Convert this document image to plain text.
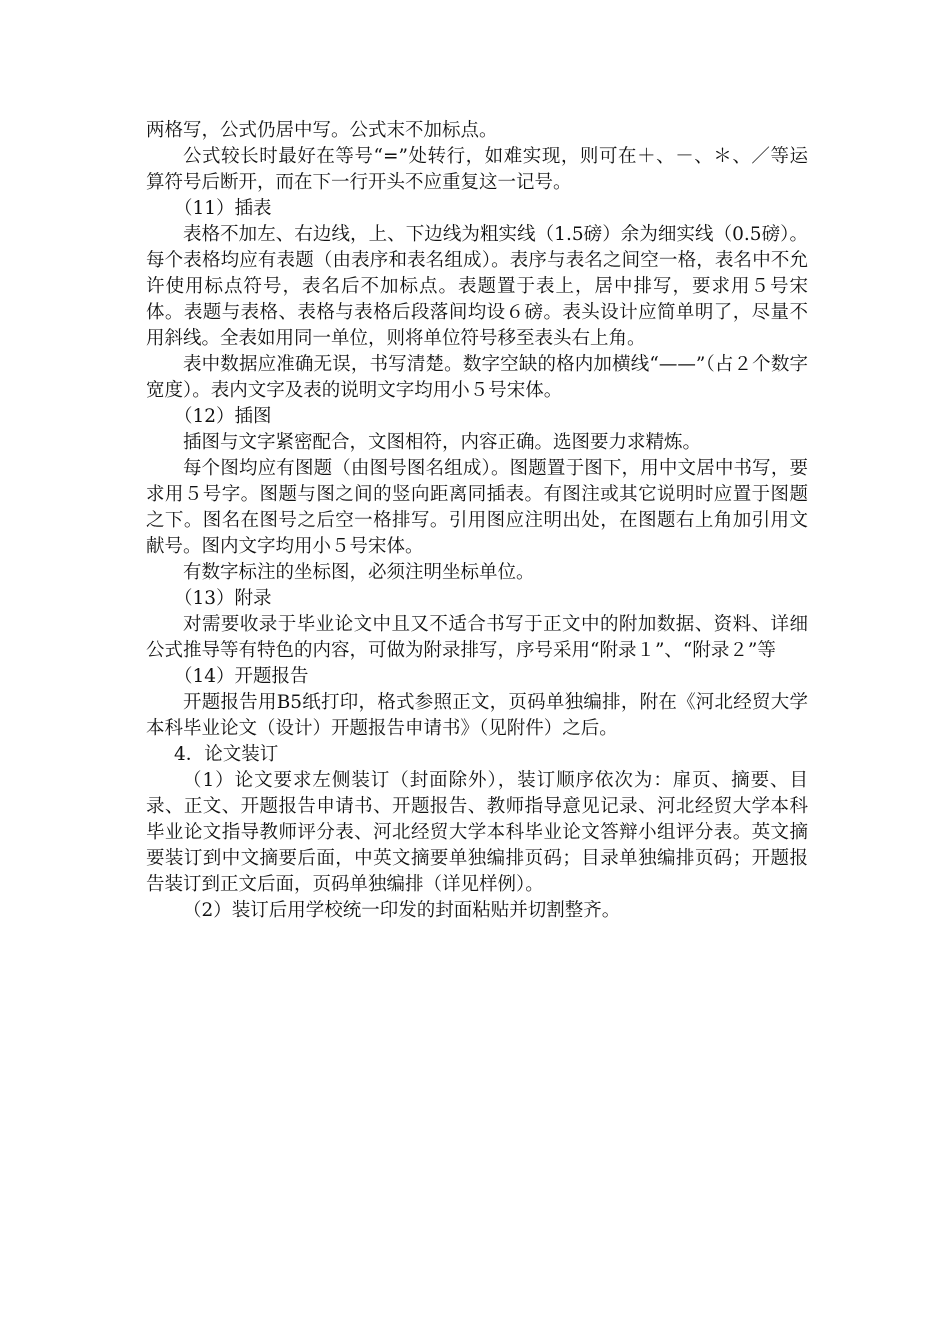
两格写，公式仍居中写。公式末不加标点。

公式较长时最好在等号“=”处转行，如难实现，则可在＋、－、＊、／等运算符号后断开，而在下一行开头不应重复这一记号。

（11）插表

表格不加左、右边线，上、下边线为粗实线（1.5磅）余为细实线（0.5磅）。每个表格均应有表题（由表序和表名组成）。表序与表名之间空一格，表名中不允许使用标点符号，表名后不加标点。表题置于表上，居中排写，要求用５号宋体。表题与表格、表格与表格后段落间均设６磅。表头设计应简单明了，尽量不用斜线。全表如用同一单位，则将单位符号移至表头右上角。

表中数据应准确无误，书写清楚。数字空缺的格内加横线“——”（占２个数字宽度）。表内文字及表的说明文字均用小５号宋体。

（12）插图

插图与文字紧密配合，文图相符，内容正确。选图要力求精炼。

每个图均应有图题（由图号图名组成）。图题置于图下，用中文居中书写，要求用５号字。图题与图之间的竖向距离同插表。有图注或其它说明时应置于图题之下。图名在图号之后空一格排写。引用图应注明出处，在图题右上角加引用文献号。图内文字均用小５号宋体。

有数字标注的坐标图，必须注明坐标单位。

（13）附录

对需要收录于毕业论文中且又不适合书写于正文中的附加数据、资料、详细公式推导等有特色的内容，可做为附录排写，序号采用“附录１”、“附录２”等

（14）开题报告

开题报告用B5纸打印，格式参照正文，页码单独编排，附在《河北经贸大学本科毕业论文（设计）开题报告申请书》（见附件）之后。

4．论文装订

（1）论文要求左侧装订（封面除外），装订顺序依次为：扉页、摘要、目录、正文、开题报告申请书、开题报告、教师指导意见记录、河北经贸大学本科毕业论文指导教师评分表、河北经贸大学本科毕业论文答辩小组评分表。英文摘要装订到中文摘要后面，中英文摘要单独编排页码；目录单独编排页码；开题报告装订到正文后面，页码单独编排（详见样例）。

（2）装订后用学校统一印发的封面粘贴并切割整齐。
